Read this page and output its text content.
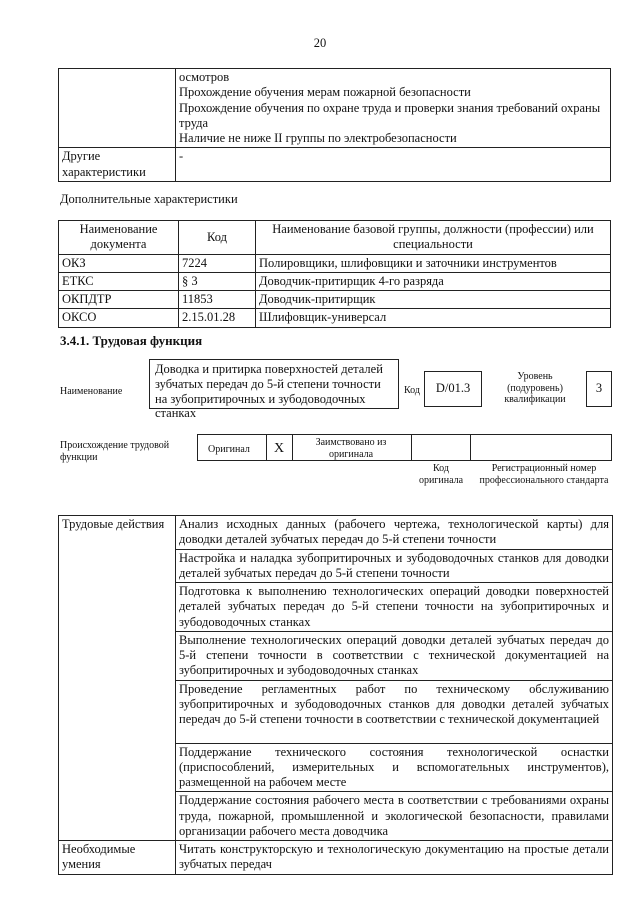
20

	осмотров
Прохождение обучения мерам пожарной безопасности
Прохождение обучения по охране труда и проверки знания требований охраны труда
Наличие не ниже II группы по электробезопасности

Другие характеристики	-
Дополнительные характеристики
Наименование документа	Код	Наименование базовой группы, должности (профессии) или специальности
ОКЗ	7224	Полировщики, шлифовщики и заточники инструментов
ЕТКС	§ 3	Доводчик-притирщик 4-го разряда
ОКПДТР	11853	Доводчик-притирщик
ОКСО	2.15.01.28	Шлифовщик-универсал
3.4.1. Трудовая функция
Наименование
Доводка и притирка поверхностей деталей зубчатых передач до 5-й степени точности на зубопритирочных и зубодоводочных станках
Код	D/01.3
Уровень (подуровень) квалификации
3
Происхождение трудовой функции
Оригинал	X	Заимствовано из оригинала
Код оригинала
Регистрационный номер профессионального стандарта
Трудовые действия	Анализ исходных данных (рабочего чертежа, технологической карты) для доводки деталей зубчатых передач до 5-й степени точности
	Настройка и наладка зубопритирочных и зубодоводочных станков для доводки деталей зубчатых передач до 5-й степени точности
	Подготовка к выполнению технологических операций доводки поверхностей деталей зубчатых передач до 5-й степени точности на зубопритирочных и зубодоводочных станках
	Выполнение технологических операций доводки деталей зубчатых передач до 5-й степени точности в соответствии с технической документацией на зубопритирочных и зубодоводочных станках
	Проведение регламентных работ по техническому обслуживанию зубопритирочных и зубодоводочных станков для доводки деталей зубчатых передач до 5-й степени точности в соответствии с технической документацией
	Поддержание технического состояния технологической оснастки (приспособлений, измерительных и вспомогательных инструментов), размещенной на рабочем месте
	Поддержание состояния рабочего места в соответствии с требованиями охраны труда, пожарной, промышленной и экологической безопасности, правилами организации рабочего места доводчика
Необходимые умения	Читать конструкторскую и технологическую документацию на простые детали зубчатых передач
